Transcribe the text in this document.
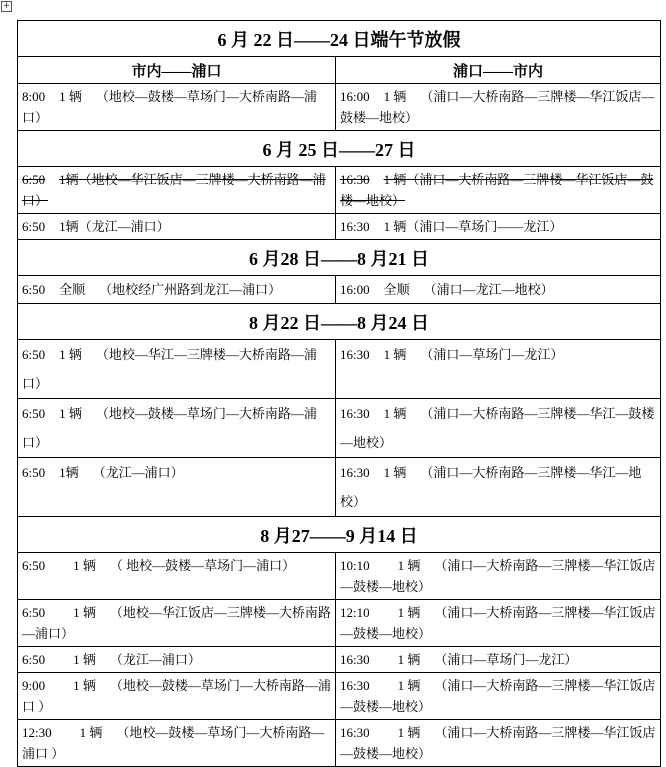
+
6 月 22 日——24 日端午节放假	
市内——浦口	浦口——市内
8:00 1 辆 （地校—鼓楼—草场门—大桥南路—浦口）	16:00 1 辆 （浦口—大桥南路—三牌楼—华江饭店—鼓楼—地校）
6 月 25 日——27 日	
6:50 1辆（地校—华江饭店—三牌楼—大桥南路—浦口）	16:30 1 辆（浦口—大桥南路—三牌楼—华江饭店—鼓楼—地校）
6:50 1辆（龙江—浦口）	16:30 1 辆（浦口—草场门——龙江）
6 月28 日——8 月21 日	
6:50 全顺 （地校经广州路到龙江—浦口）	16:00 全顺 （浦口—龙江—地校）
8 月22 日——8 月24 日	
6:50 1 辆 （地校—华江—三牌楼—大桥南路—浦口）	16:30 1 辆 （浦口—草场门—龙江）
6:50 1 辆 （地校—鼓楼—草场门—大桥南路—浦口）	16:30 1 辆 （浦口—大桥南路—三牌楼—华江—鼓楼—地校）
6:50 1辆 （龙江—浦口）	16:30 1 辆 （浦口—大桥南路—三牌楼—华江—地校）
8 月27——9 月14 日	
6:50 1 辆 （ 地校—鼓楼—草场门—浦口）	10:10 1 辆 （浦口—大桥南路—三牌楼—华江饭店—鼓楼—地校）
6:50 1 辆 （地校—华江饭店—三牌楼—大桥南路—浦口）	12:10 1 辆 （浦口—大桥南路—三牌楼—华江饭店—鼓楼—地校）
6:50 1 辆 （龙江—浦口）	16:30 1 辆 （浦口—草场门—龙江）
9:00 1 辆 （地校—鼓楼—草场门—大桥南路—浦口 ）	16:30 1 辆 （浦口—大桥南路—三牌楼—华江饭店—鼓楼—地校）
12:30 1 辆 （地校—鼓楼—草场门—大桥南路—浦口 ）	16:30 1 辆 （浦口—大桥南路—三牌楼—华江饭店—鼓楼—地校）
